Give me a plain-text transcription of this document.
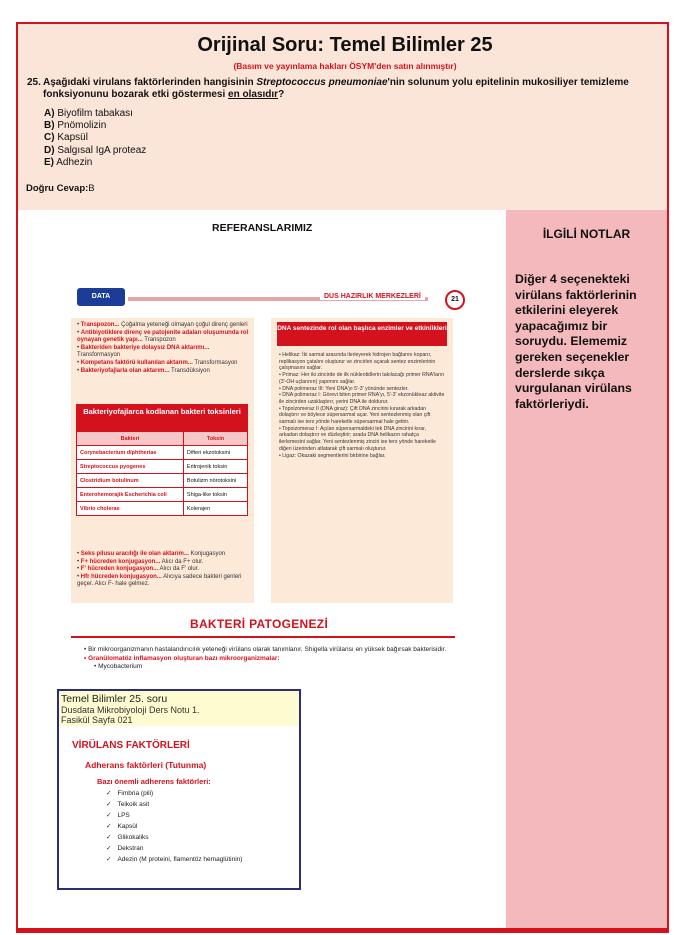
Orijinal Soru: Temel Bilimler 25
(Basım ve yayınlama hakları ÖSYM'den satın alınmıştır)
25. Aşağıdaki virulans faktörlerinden hangisinin Streptococcus pneumoniae'nin solunum yolu epitelinin mukosiliyer temizleme fonksiyonunu bozarak etki göstermesi en olasıdır?
A) Biyofilm tabakası
B) Pnömolizin
C) Kapsül
D) Salgısal IgA proteaz
E) Adhezin
Doğru Cevap:B
REFERANSLARIMIZ	İLGİLİ NOTLAR
Diğer 4 seçenekteki virülans faktörlerinin etkilerini eleyerek yapacağımız bir soruydu. Elememiz gereken seçenekler derslerde sıkça vurgulanan virülans faktörleriydi.
DATA	DUS HAZIRLIK MERKEZLERİ	21
• Transpozon... Çoğalma yeteneği olmayan çoğul direnç genleri
• Antibiyotiklere direnç ve patojenite adaları oluşumunda rol oynayan genetik yapı... Transpozon
• Bakteriden bakteriye dolaysız DNA aktarımı... Transformasyon
• Kompetans faktörü kullanılan aktarım... Transformasyon
• Bakteriyofajlarla olan aktarım... Transdüksiyon
Bakteriyofajlarca kodlanan bakteri toksinleri
Bakteri	Toksin
Corynebacterium diphtheriae	Difteri ekzotoksini
Streptococcus pyogenes	Eritrojenik toksin
Clostridium botulinum	Botulizm nörotoksini
Enterohemorajik Escherichia coli	Shiga-like toksin
Vibrio cholerae	Kolerajen
• Seks pilusu aracılığı ile olan aktarım... Konjugasyon
• F+ hücreden konjugasyon... Alıcı da F+ olur.
• F' hücreden konjugasyon... Alıcı da F' olur.
• Hfr hücreden konjugasyon... Alıcıya sadece bakteri genleri geçer. Alıcı F- hale gelmez.
DNA sentezinde rol olan başlıca enzimler ve etkinlikleri
• Helikaz: İki sarmal arasında ilerleyerek hidrojen bağlarını koparır, replikasyon çatalını oluşturur ve zincirleri açarak sentez enzimlerinin çalışmasını sağlar.
• Primaz: Her iki zincirde de ilk nükleotidlerin takılacağı primer RNA'ların (3'-OH uçlarının) yapımını sağlar.
• DNA polimeraz III: Yeni DNA'yı 5'-3' yönünde sentezler.
• DNA polimeraz I: Görevi biten primer RNA'yı, 5'-3' ekzonükleaz aktivite ile zincirden uzaklaştırır, yerini DNA ile doldurur.
• Topoizomeraz II (DNA giraz): Çift DNA zincirini kırarak arkadan dolaştırır ve böylece süpersarmal açar. Yeni sentezlenmiş olan çift sarmalı ise ters yönde hareketle süpersarmal hale getirir.
• Topoizomeraz I: Açılan süpersarmaldeki tek DNA zincirini kırar, arkadan dolaştırır ve düzleştirir; arada DNA helikazın rahatça ilerlemesini sağlar. Yeni sentezlenmiş zinciri ise ters yönde hareketle diğeri üzerinden atlatarak çift sarmalı oluşturur.
• Ligaz: Okazaki segmentlerini birbirine bağlar.
BAKTERİ PATOGENEZİ
• Bir mikroorganizmanın hastalandırıcılık yeteneği virülans olarak tanımlanır. Shigella virülansı en yüksek bağırsak bakterisidir.
• Granülomatöz inflamasyon oluşturan bazı mikroorganizmalar:
• Mycobacterium
Temel Bilimler 25. soru
Dusdata Mikrobiyoloji Ders Notu 1.
Fasikül Sayfa 021
VİRÜLANS FAKTÖRLERİ
Adherans faktörleri (Tutunma)
Bazı önemli adherens faktörleri:
✓ Fimbria (pili)
✓ Teikoik asit
✓ LPS
✓ Kapsül
✓ Glikokaliks
✓ Dekstran
✓ Adezin (M proteini, flamentöz hemaglütinin)
